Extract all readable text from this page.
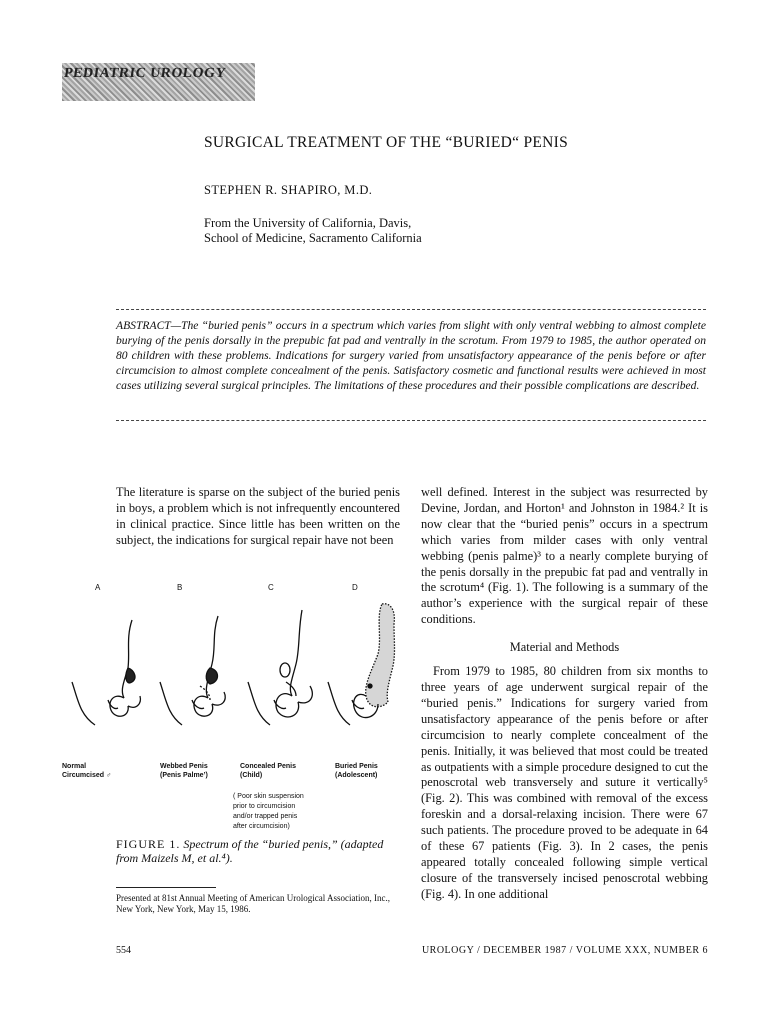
PEDIATRIC UROLOGY
SURGICAL TREATMENT OF THE “BURIED“ PENIS
STEPHEN R. SHAPIRO, M.D.
From the University of California, Davis,
School of Medicine, Sacramento California
ABSTRACT—The “buried penis” occurs in a spectrum which varies from slight with only ventral webbing to almost complete burying of the penis dorsally in the prepubic fat pad and ventrally in the scrotum. From 1979 to 1985, the author operated on 80 children with these problems. Indications for surgery varied from unsatisfactory appearance of the penis before or after circumcision to almost complete concealment of the penis. Satisfactory cosmetic and functional results were achieved in most cases utilizing several surgical principles. The limitations of these procedures and their possible complications are described.

The literature is sparse on the subject of the buried penis in boys, a problem which is not infrequently encountered in clinical practice. Since little has been written on the subject, the indications for surgical repair have not been

well defined. Interest in the subject was resurrected by Devine, Jordan, and Horton¹ and Johnston in 1984.² It is now clear that the “buried penis” occurs in a spectrum which varies from milder cases with only ventral webbing (penis palme)³ to a nearly complete burying of the penis dorsally in the prepubic fat pad and ventrally in the scrotum⁴ (Fig. 1). The following is a summary of the author’s experience with the surgical repair of these conditions.

Material and Methods

From 1979 to 1985, 80 children from six months to three years of age underwent surgical repair of the “buried penis.” Indications for surgery varied from unsatisfactory appearance of the penis before or after circumcision to nearly complete concealment of the penis. Initially, it was believed that most could be treated as outpatients with a simple procedure designed to cut the penoscrotal web transversely and suture it vertically⁵ (Fig. 2). This was combined with removal of the excess foreskin and a dorsal-relaxing incision. There were 67 such patients. The procedure proved to be adequate in 64 of these 67 patients (Fig. 3). In 2 cases, the penis appeared totally concealed following simple vertical closure of the transversely incised penoscrotal webbing (Fig. 4). In one additional

A	B	C	D
Normal
Circumcised ♂
Webbed Penis
(Penis Palme’)
Concealed Penis
(Child)
Buried Penis
(Adolescent)
( Poor skin suspension
prior to circumcision
and/or trapped penis
after circumcision)
FIGURE 1. Spectrum of the “buried penis,” (adapted from Maizels M, et al.⁴).
Presented at 81st Annual Meeting of American Urological Association, Inc., New York, New York, May 15, 1986.
554	UROLOGY / DECEMBER 1987 / VOLUME XXX, NUMBER 6
